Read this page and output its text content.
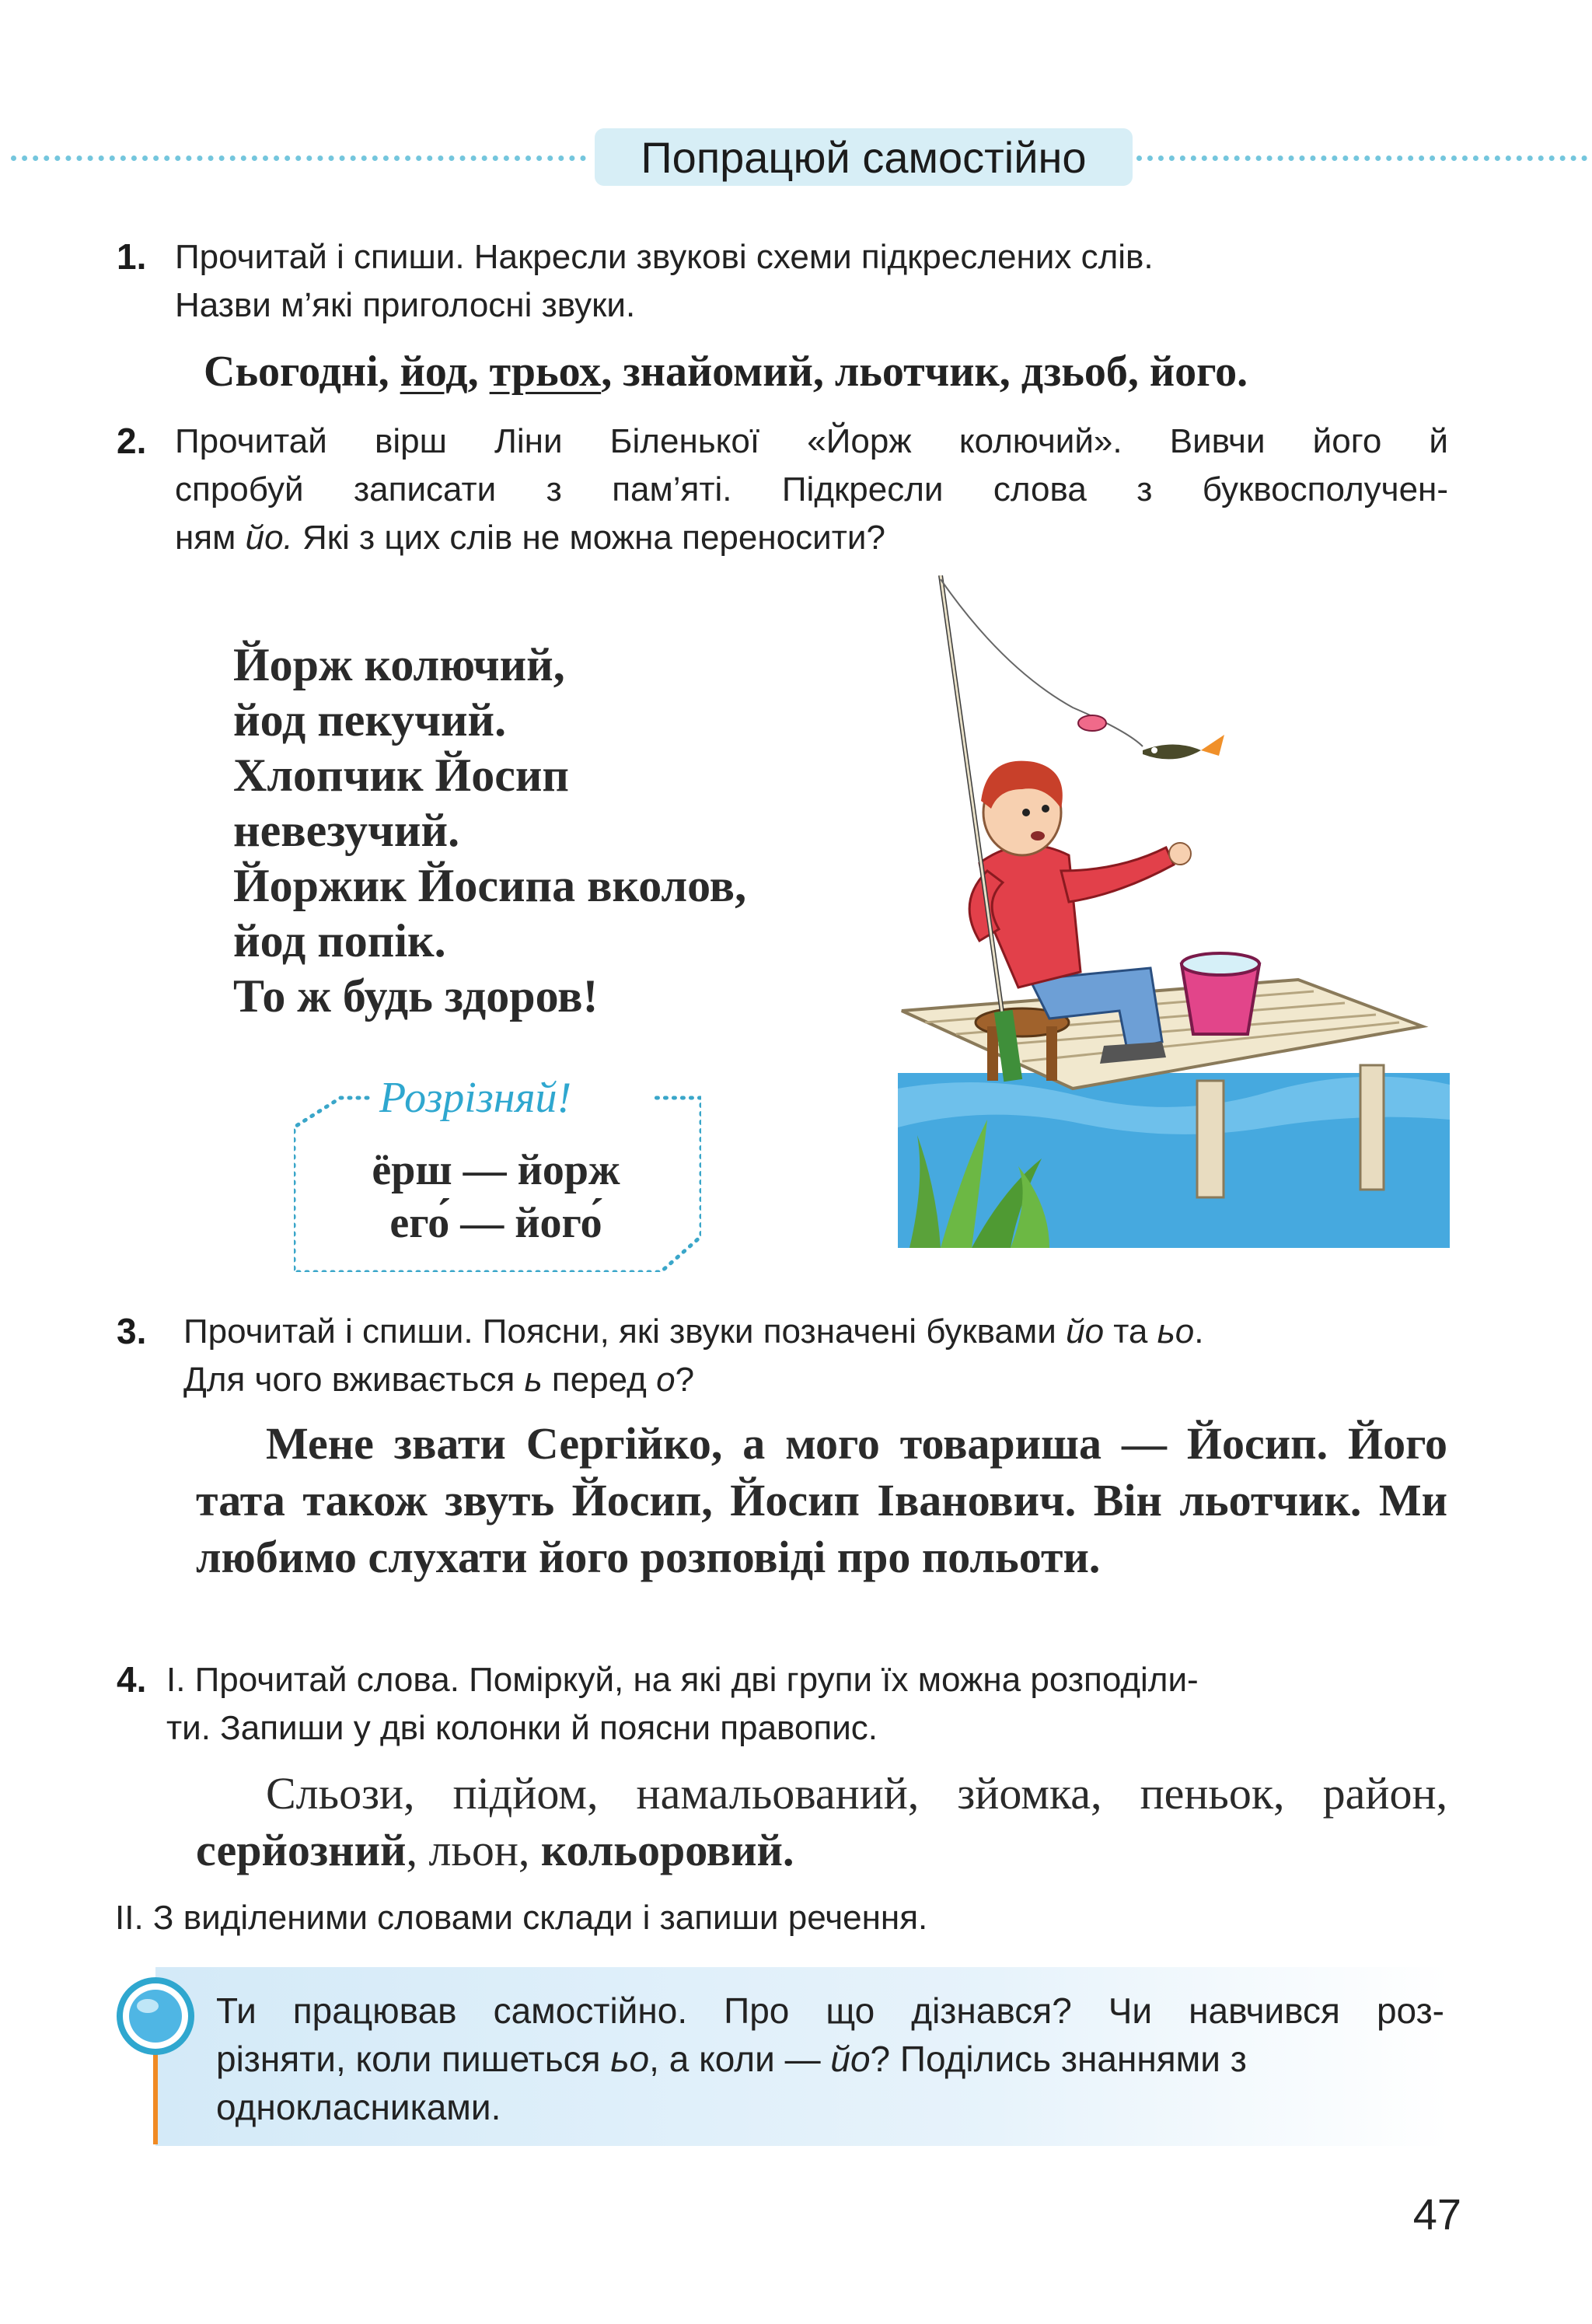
Попрацюй самостійно
1. Прочитай і спиши. Накресли звукові схеми підкреслених слів.
Назви м’які приголосні звуки.
Сьогодні, йод, трьох, знайомий, льотчик, дзьоб, його.
2. Прочитай вірш Ліни Біленької «Йорж колючий». Вивчи його й
спробуй записати з пам’яті. Підкресли слова з буквосполучен-
ням йо. Які з цих слів не можна переносити?
Йорж колючий,
йод пекучий.
Хлопчик Йосип
невезучий.
Йоржик Йосипа вколов,
йод попік.
То ж будь здоров!
Розрізняй!
ёрш — йорж
его́ — його́
3. Прочитай і спиши. Поясни, які звуки позначені буквами йо та ьо.
Для чого вживається ь перед о?
Мене звати Сергійко, а мого товариша — Йосип. Його тата також звуть Йосип, Йосип Іванович. Він льотчик. Ми любимо слухати його розповіді про польоти.
4. І. Прочитай слова. Поміркуй, на які дві групи їх можна розподіли-
ти. Запиши у дві колонки й поясни правопис.
Сльози, підйом, намальований, зйомка, пеньок, район, серйозний, льон, кольоровий.
ІІ. З виділеними словами склади і запиши речення.
Ти працював самостійно. Про що дізнався? Чи навчився роз-
різняти, коли пишеться ьо, а коли — йо? Поділись знаннями з
однокласниками.
47
